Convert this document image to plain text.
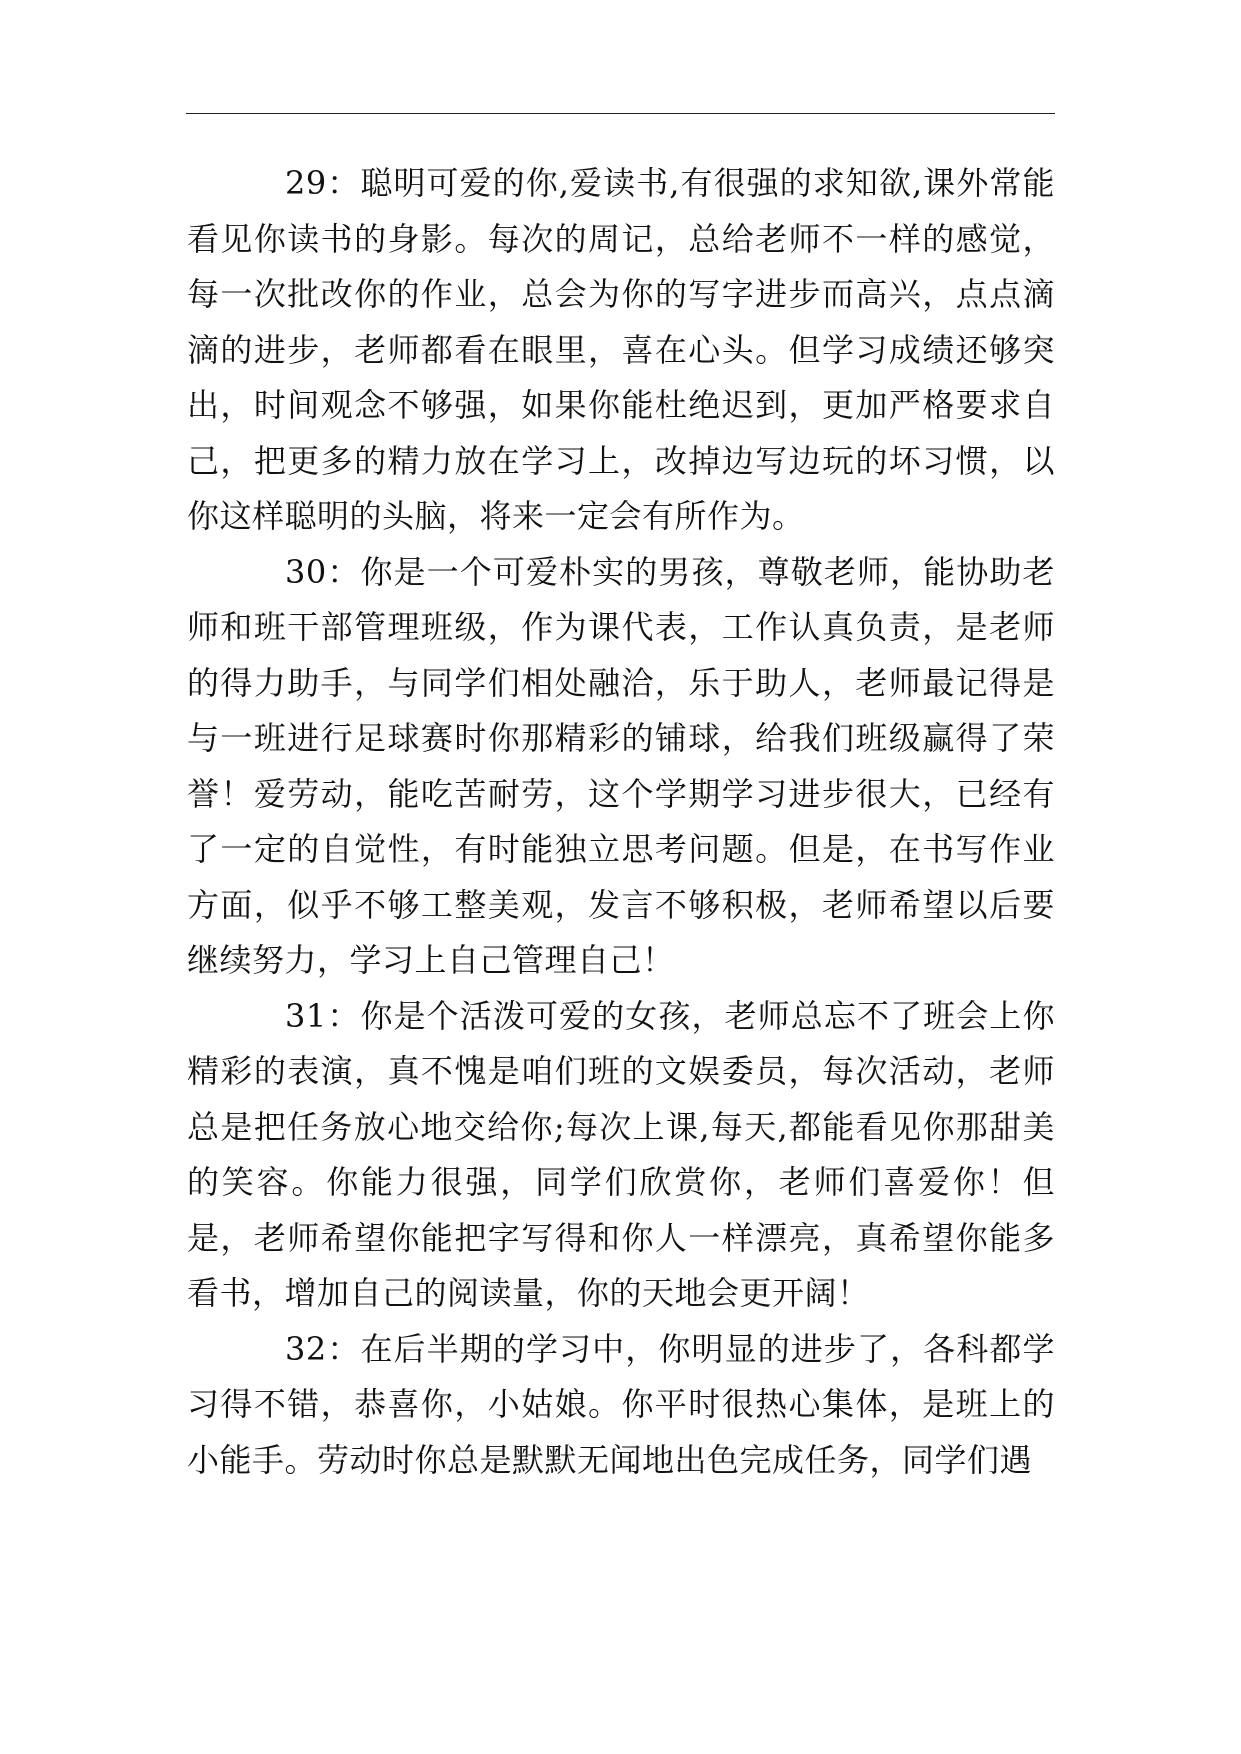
29：聪明可爱的你,爱读书,有很强的求知欲,课外常能看见你读书的身影。每次的周记，总给老师不一样的感觉，每一次批改你的作业，总会为你的写字进步而高兴，点点滴滴的进步，老师都看在眼里，喜在心头。但学习成绩还够突出，时间观念不够强，如果你能杜绝迟到，更加严格要求自己，把更多的精力放在学习上，改掉边写边玩的坏习惯，以你这样聪明的头脑，将来一定会有所作为。

30：你是一个可爱朴实的男孩，尊敬老师，能协助老师和班干部管理班级，作为课代表，工作认真负责，是老师的得力助手，与同学们相处融洽，乐于助人，老师最记得是与一班进行足球赛时你那精彩的铺球，给我们班级赢得了荣誉！爱劳动，能吃苦耐劳，这个学期学习进步很大，已经有了一定的自觉性，有时能独立思考问题。但是，在书写作业方面，似乎不够工整美观，发言不够积极，老师希望以后要继续努力，学习上自己管理自己！

31：你是个活泼可爱的女孩，老师总忘不了班会上你精彩的表演，真不愧是咱们班的文娱委员，每次活动，老师总是把任务放心地交给你;每次上课,每天,都能看见你那甜美的笑容。你能力很强，同学们欣赏你，老师们喜爱你！但是，老师希望你能把字写得和你人一样漂亮，真希望你能多看书，增加自己的阅读量，你的天地会更开阔！

32：在后半期的学习中，你明显的进步了，各科都学习得不错，恭喜你，小姑娘。你平时很热心集体，是班上的小能手。劳动时你总是默默无闻地出色完成任务，同学们遇
